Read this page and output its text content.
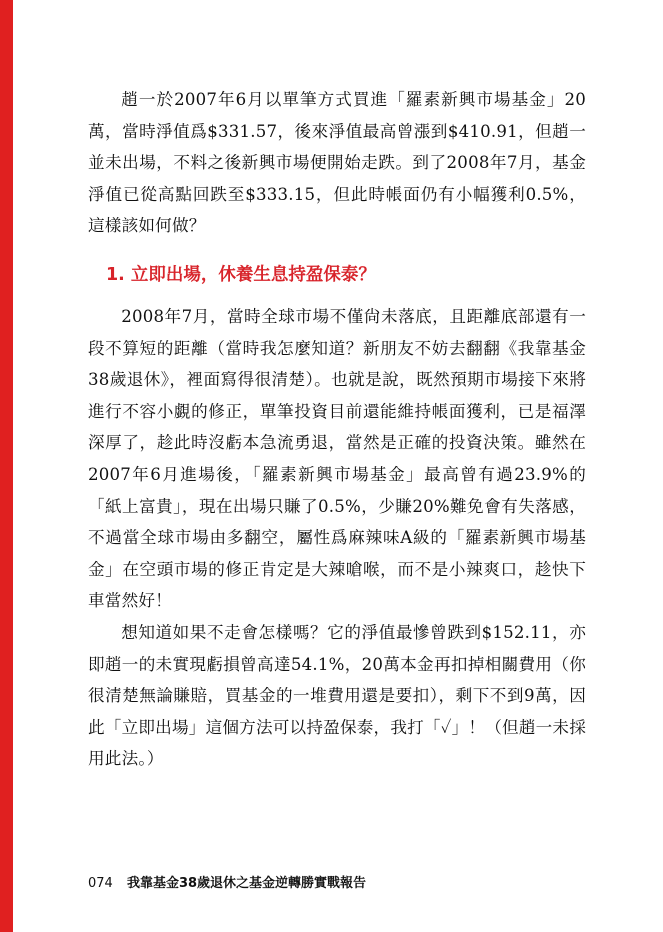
趙一於2007年6月以單筆方式買進「羅素新興市場基金」20萬，當時淨值爲$331.57，後來淨值最高曾漲到$410.91，但趙一並未出場，不料之後新興市場便開始走跌。到了2008年7月，基金淨值已從高點回跌至$333.15，但此時帳面仍有小幅獲利0.5%，這樣該如何做？

1. 立即出場，休養生息持盈保泰？

2008年7月，當時全球市場不僅尙未落底，且距離底部還有一段不算短的距離（當時我怎麼知道？新朋友不妨去翻翻《我靠基金38歲退休》，裡面寫得很清楚）。也就是說，既然預期市場接下來將進行不容小覷的修正，單筆投資目前還能維持帳面獲利，已是福澤深厚了，趁此時沒虧本急流勇退，當然是正確的投資決策。雖然在2007年6月進場後，「羅素新興市場基金」最高曾有過23.9%的「紙上富貴」，現在出場只賺了0.5%，少賺20%難免會有失落感，不過當全球市場由多翻空，屬性爲麻辣味A級的「羅素新興市場基金」在空頭市場的修正肯定是大辣嗆喉，而不是小辣爽口，趁快下車當然好！

想知道如果不走會怎樣嗎？它的淨值最慘曾跌到$152.11，亦即趙一的未實現虧損曾高達54.1%，20萬本金再扣掉相關費用（你很清楚無論賺賠，買基金的一堆費用還是要扣），剩下不到9萬，因此「立即出場」這個方法可以持盈保泰，我打「✓」！（但趙一未採用此法。）

074 我靠基金38歲退休之基金逆轉勝實戰報告
